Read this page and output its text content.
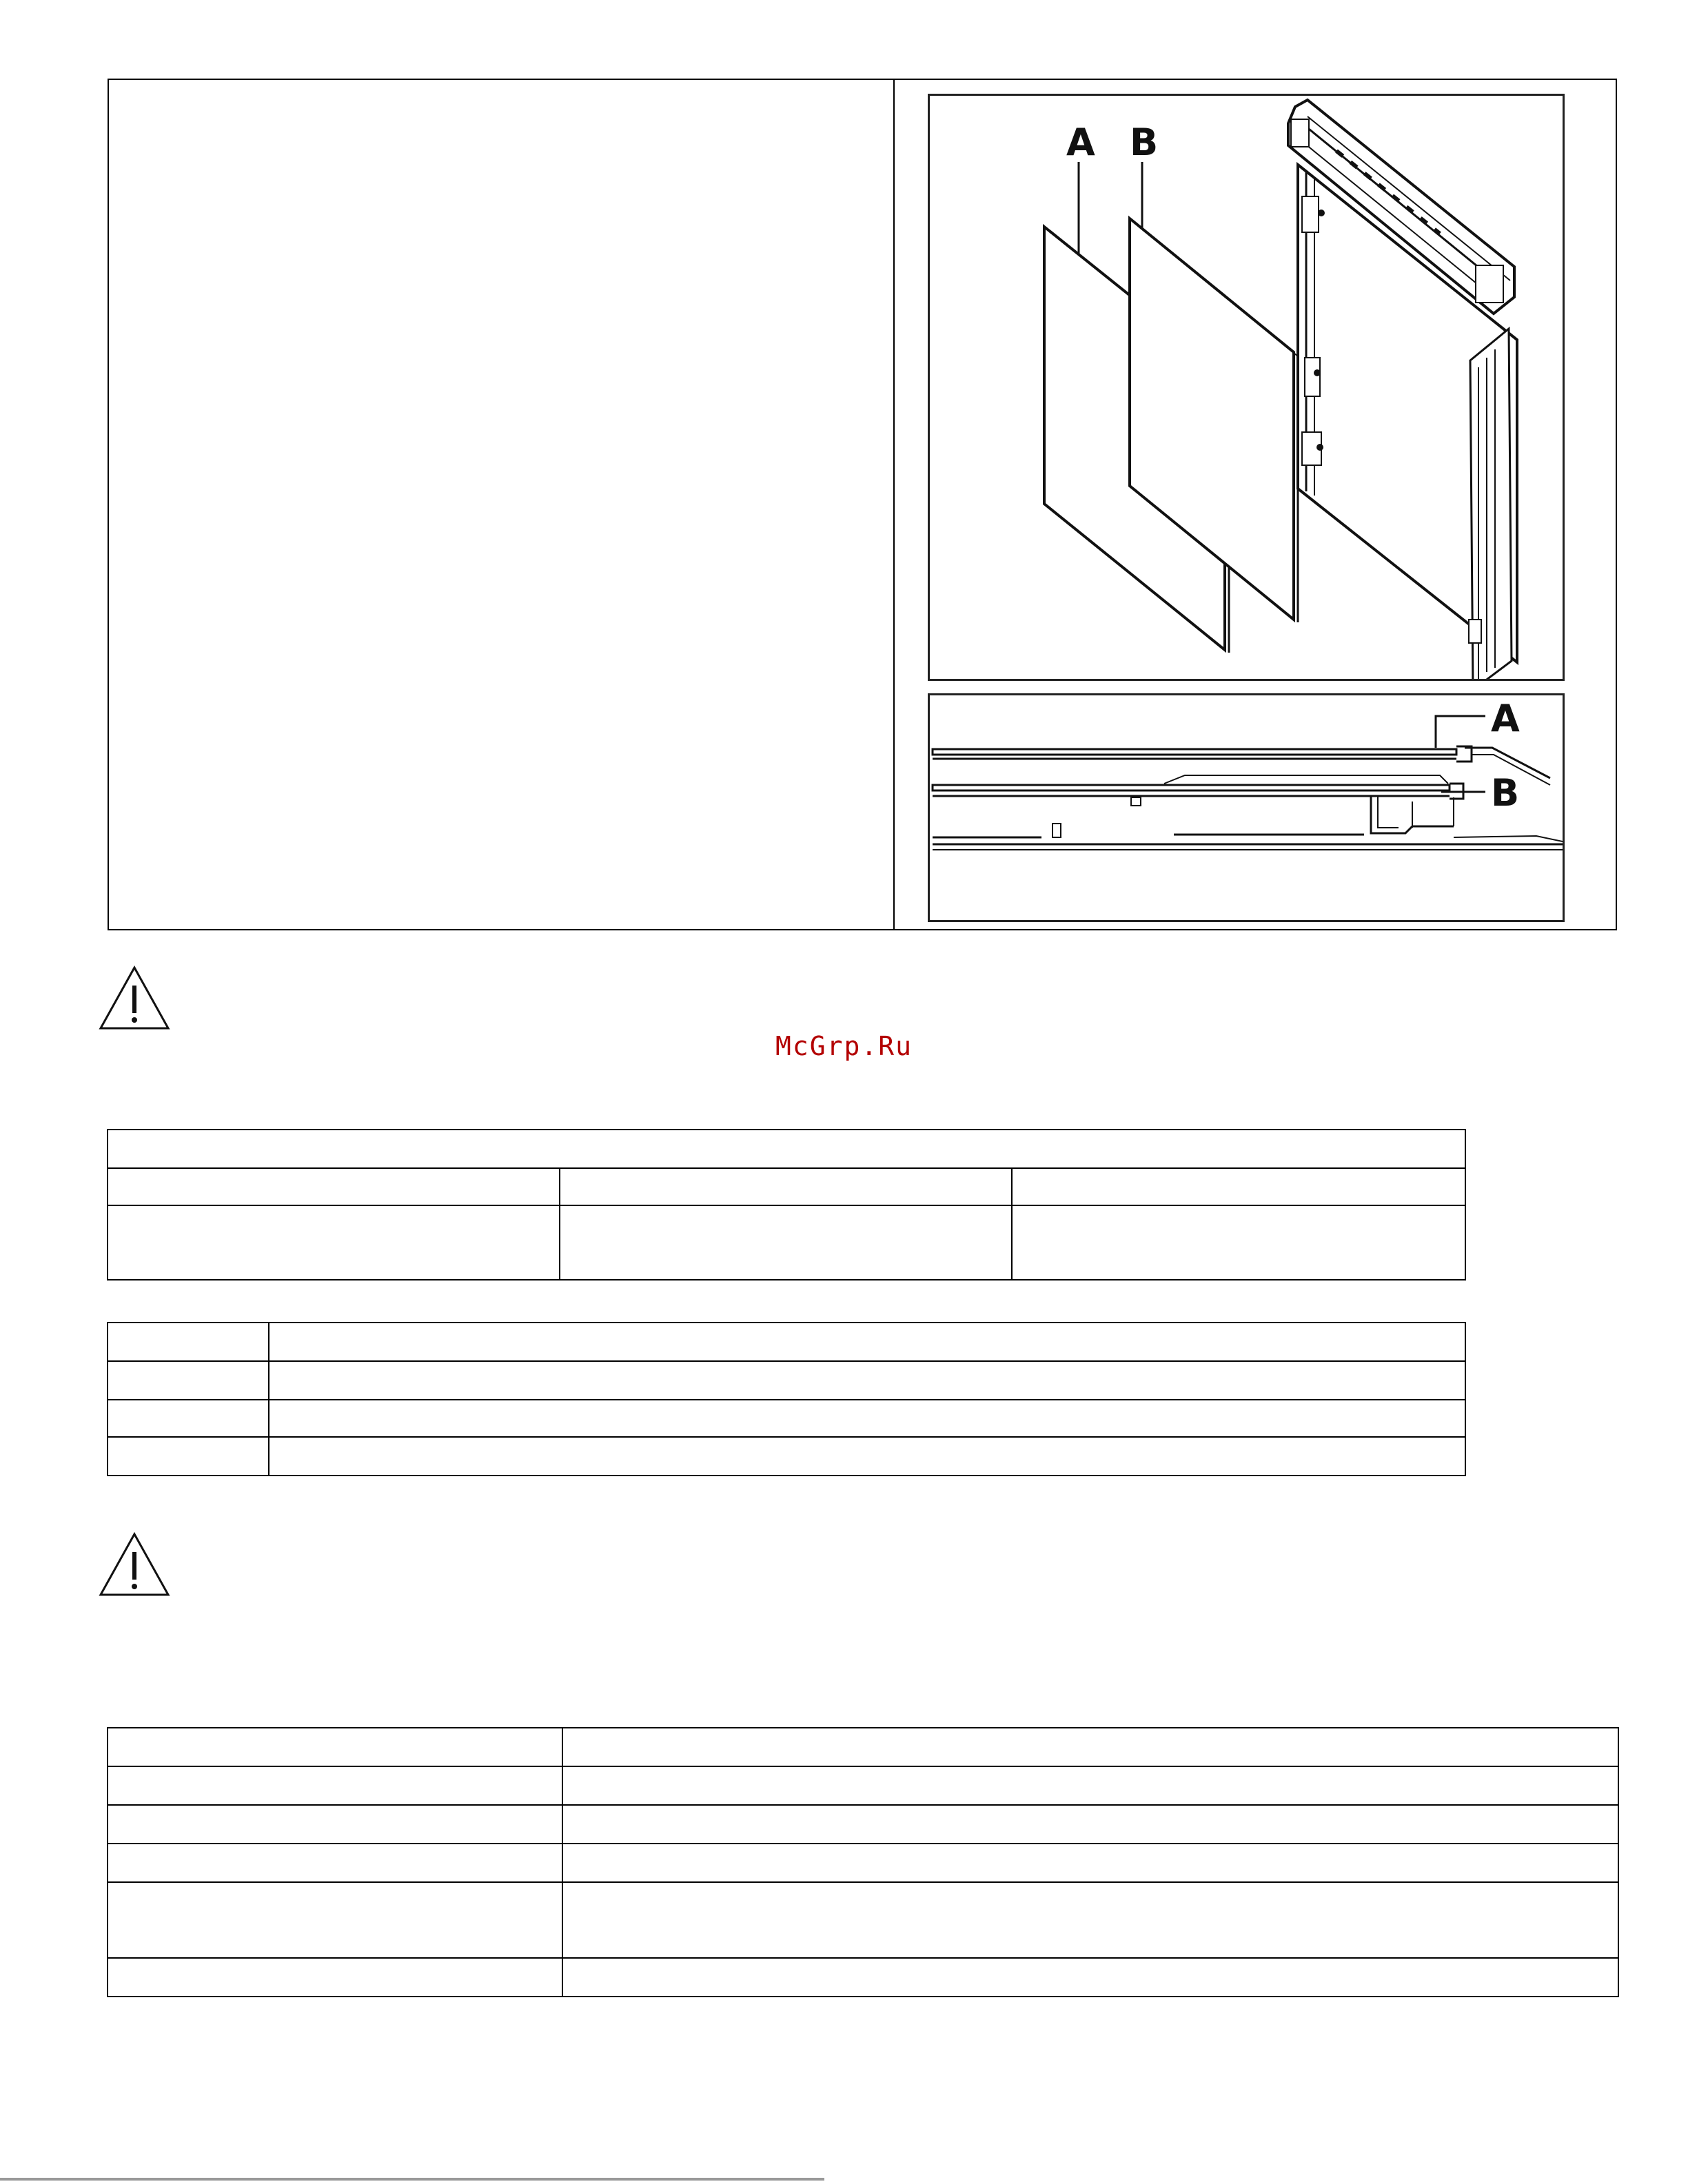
A B
A
B
McGrp.Ru
